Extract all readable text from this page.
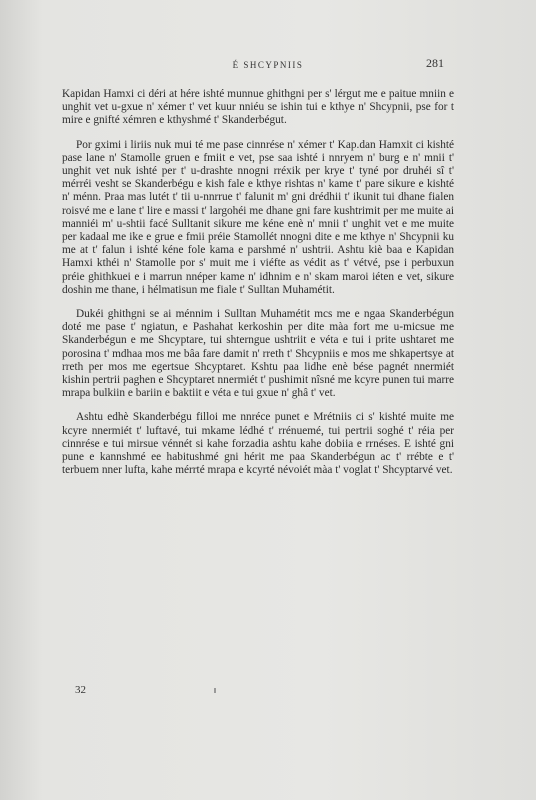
É SHCYPNIIS	281

Kapidan Hamxi ci déri at hére ishté munnue ghithgni per s' lérgut me e paitue mniin e unghit vet u-gxue n' xémer t' vet kuur nniéu se ishin tui e kthye n' Shcypnii, pse for t mire e gnifté xémren e kthyshmé t' Skanderbégut.

Por gximi i liriis nuk mui té me pase cinnrése n' xémer t' Kap.dan Hamxit ci kishté pase lane n' Stamolle gruen e fmiit e vet, pse saa ishté i nnryem n' burg e n' mnii t' unghit vet nuk ishté per t' u-drashte nnogni rréxik per krye t' tyné por druhéi sî t' mérréi vesht se Skanderbégu e kish fale e kthye rishtas n' kame t' pare sikure e kishté n' ménn. Praa mas lutét t' tii u-nnrrue t' falunit m' gni drédhii t' ikunit tui dhane fialen roisvé me e lane t' lire e massi t' largohéi me dhane gni fare kushtrimit per me muite ai manniéi m' u-shtii facé Sulltanit sikure me kéne enè n' mnii t' unghit vet e me muite per kadaal me ike e grue e fmii préie Stamollét nnogni dite e me kthye n' Shcypnii ku me at t' falun i ishté kéne fole kama e parshmé n' ushtrii. Ashtu kiè baa e Kapidan Hamxi kthéi n' Stamolle por s' muit me i viéfte as védit as t' vétvé, pse i perbuxun préie ghithkuei e i marrun nnéper kame n' idhnim e n' skam maroi iéten e vet, sikure doshin me thane, i hélmatisun me fiale t' Sulltan Muhamétit.

Dukéi ghithgni se ai ménnim i Sulltan Muhamétit mcs me e ngaa Skanderbégun doté me pase t' ngiatun, e Pashahat kerkoshin per dite màa fort me u-micsue me Skanderbégun e me Shcyptare, tui shterngue ushtriit e véta e tui i prite ushtaret me porosina t' mdhaa mos me bâa fare damit n' rreth t' Shcypniis e mos me shkapertsye at rreth per mos me egertsue Shcyptaret. Kshtu paa lidhe enè bése pagnét nnermiét kishin pertrii paghen e Shcyptaret nnermiét t' pushimit nîsné me kcyre punen tui marre mrapa bulkiin e bariin e baktiit e véta e tui gxue n' ghâ t' vet.

Ashtu edhè Skanderbégu filloi me nnréce punet e Mrétniis ci s' kishté muite me kcyre nnermiét t' luftavé, tui mkame lédhé t' rrénuemé, tui pertrii soghé t' réia per cinnrése e tui mirsue vénnét si kahe forzadia ashtu kahe dobiia e rrnéses. E ishté gni pune e kannshmé ee habitushmé gni hérit me paa Skanderbégun ac t' rrébte e t' terbuem nner lufta, kahe mérrté mrapa e kcyrté névoiét màa t' voglat t' Shcyptarvé vet.

32
